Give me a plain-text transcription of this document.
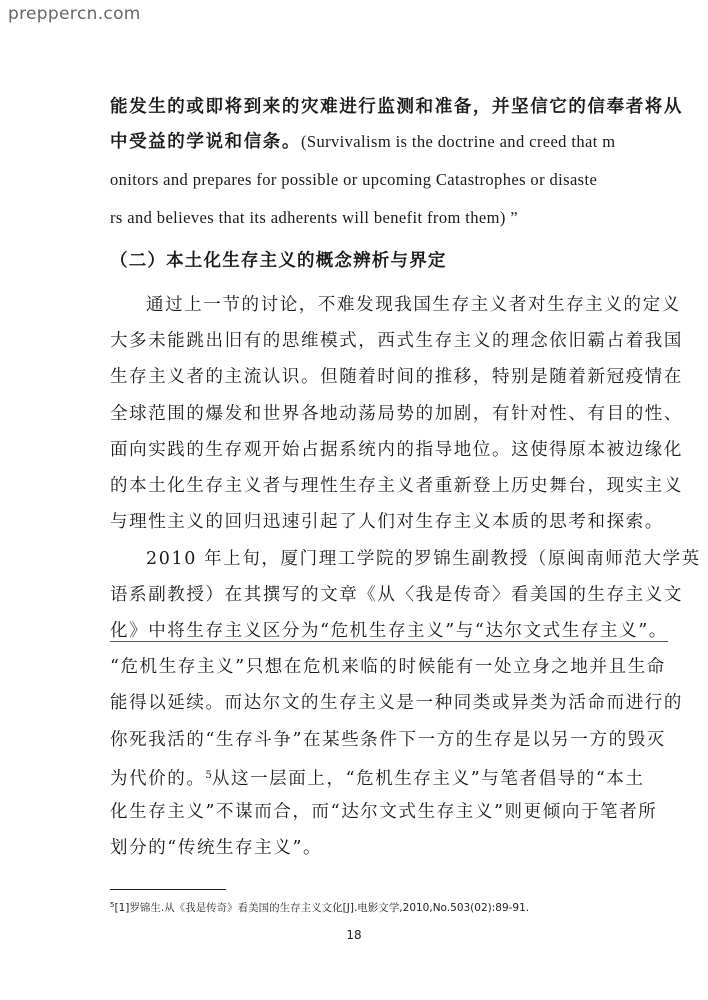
prepperсn.com
能发生的或即将到来的灾难进行监测和准备，并坚信它的信奉者将从
中受益的学说和信条。(Survivalism is the doctrine and creed that m
onitors and prepares for possible or upcoming Catastrophes or disaste
rs and believes that its adherents will benefit from them) ”
（二）本土化生存主义的概念辨析与界定
通过上一节的讨论，不难发现我国生存主义者对生存主义的定义
大多未能跳出旧有的思维模式，西式生存主义的理念依旧霸占着我国
生存主义者的主流认识。但随着时间的推移，特别是随着新冠疫情在
全球范围的爆发和世界各地动荡局势的加剧，有针对性、有目的性、
面向实践的生存观开始占据系统内的指导地位。这使得原本被边缘化
的本土化生存主义者与理性生存主义者重新登上历史舞台，现实主义
与理性主义的回归迅速引起了人们对生存主义本质的思考和探索。
2010 年上旬，厦门理工学院的罗锦生副教授（原闽南师范大学英
语系副教授）在其撰写的文章《从〈我是传奇〉看美国的生存主义文
化》中将生存主义区分为“危机生存主义”与“达尔文式生存主义”。
“危机生存主义”只想在危机来临的时候能有一处立身之地并且生命
能得以延续。而达尔文的生存主义是一种同类或异类为活命而进行的
你死我活的“生存斗争”在某些条件下一方的生存是以另一方的毁灭
为代价的。$^5$从这一层面上，“危机生存主义”与笔者倡导的“本土
化生存主义”不谋而合，而“达尔文式生存主义”则更倾向于笔者所
划分的“传统生存主义”。
$^5$[1]罗锦生.从《我是传奇》看美国的生存主义文化[J].电影文学,2010,No.503(02):89-91.
18
